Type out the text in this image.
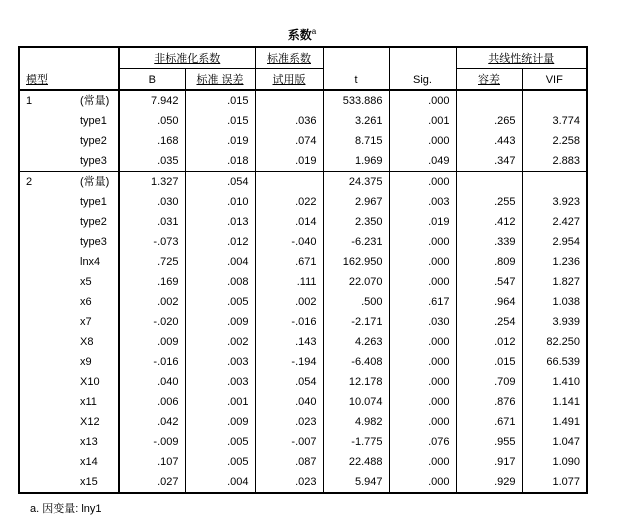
系数$^a$
模型		非标准化系数		标准系数	t	Sig.	共线性统计量	
		B	标准 误差	试用版			容差	VIF
1	(常量)	7.942	.015		533.886	.000		
	type1	.050	.015	.036	3.261	.001	.265	3.774
	type2	.168	.019	.074	8.715	.000	.443	2.258
	type3	.035	.018	.019	1.969	.049	.347	2.883
2	(常量)	1.327	.054		24.375	.000		
	type1	.030	.010	.022	2.967	.003	.255	3.923
	type2	.031	.013	.014	2.350	.019	.412	2.427
	type3	-.073	.012	-.040	-6.231	.000	.339	2.954
	lnx4	.725	.004	.671	162.950	.000	.809	1.236
	x5	.169	.008	.111	22.070	.000	.547	1.827
	x6	.002	.005	.002	.500	.617	.964	1.038
	x7	-.020	.009	-.016	-2.171	.030	.254	3.939
	X8	.009	.002	.143	4.263	.000	.012	82.250
	x9	-.016	.003	-.194	-6.408	.000	.015	66.539
	X10	.040	.003	.054	12.178	.000	.709	1.410
	x11	.006	.001	.040	10.074	.000	.876	1.141
	X12	.042	.009	.023	4.982	.000	.671	1.491
	x13	-.009	.005	-.007	-1.775	.076	.955	1.047
	x14	.107	.005	.087	22.488	.000	.917	1.090
	x15	.027	.004	.023	5.947	.000	.929	1.077
a. 因变量: lny1
